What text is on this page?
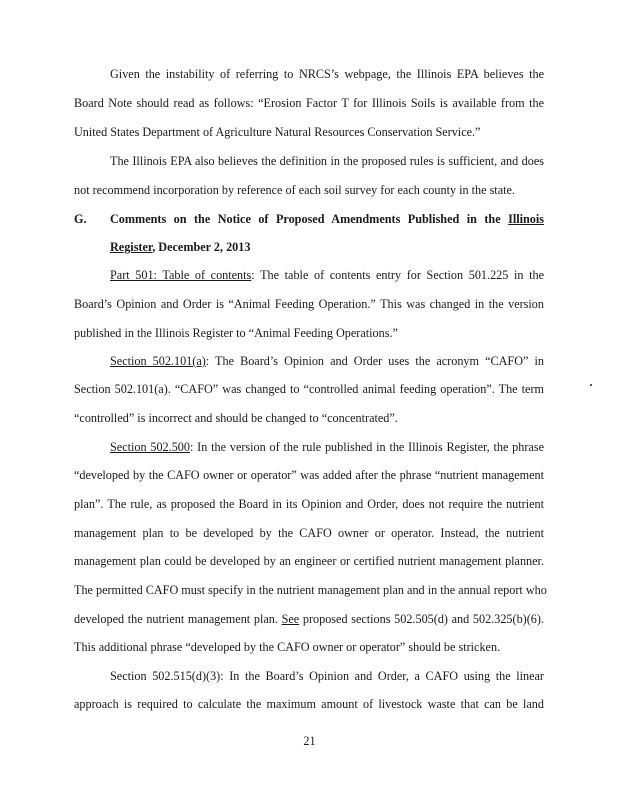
Given the instability of referring to NRCS’s webpage, the Illinois EPA believes the
Board Note should read as follows: “Erosion Factor T for Illinois Soils is available from the
United States Department of Agriculture Natural Resources Conservation Service.”
The Illinois EPA also believes the definition in the proposed rules is sufficient, and does
not recommend incorporation by reference of each soil survey for each county in the state.
G. Comments on the Notice of Proposed Amendments Published in the Illinois
Register, December 2, 2013
Part 501: Table of contents: The table of contents entry for Section 501.225 in the
Board’s Opinion and Order is “Animal Feeding Operation.” This was changed in the version
published in the Illinois Register to “Animal Feeding Operations.”
Section 502.101(a): The Board’s Opinion and Order uses the acronym “CAFO” in
Section 502.101(a). “CAFO” was changed to “controlled animal feeding operation”. The term
“controlled” is incorrect and should be changed to “concentrated”.
Section 502.500: In the version of the rule published in the Illinois Register, the phrase
“developed by the CAFO owner or operator” was added after the phrase “nutrient management
plan”. The rule, as proposed the Board in its Opinion and Order, does not require the nutrient
management plan to be developed by the CAFO owner or operator. Instead, the nutrient
management plan could be developed by an engineer or certified nutrient management planner.
The permitted CAFO must specify in the nutrient management plan and in the annual report who
developed the nutrient management plan. See proposed sections 502.505(d) and 502.325(b)(6).
This additional phrase “developed by the CAFO owner or operator” should be stricken.
Section 502.515(d)(3): In the Board’s Opinion and Order, a CAFO using the linear
approach is required to calculate the maximum amount of livestock waste that can be land
21
